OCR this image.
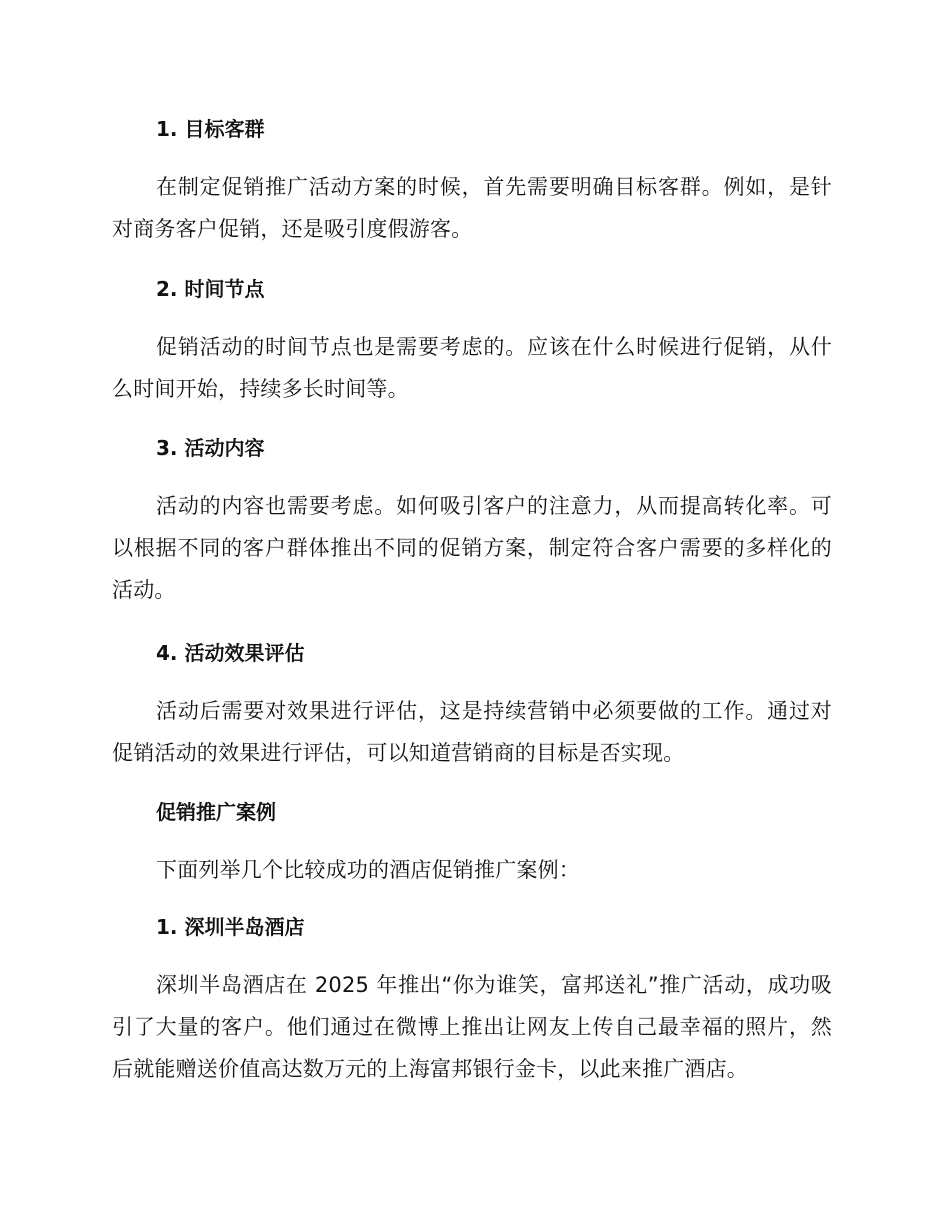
1. 目标客群
在制定促销推广活动方案的时候，首先需要明确目标客群。例如，是针对商务客户促销，还是吸引度假游客。
2. 时间节点
促销活动的时间节点也是需要考虑的。应该在什么时候进行促销，从什么时间开始，持续多长时间等。
3. 活动内容
活动的内容也需要考虑。如何吸引客户的注意力，从而提高转化率。可以根据不同的客户群体推出不同的促销方案，制定符合客户需要的多样化的活动。
4. 活动效果评估
活动后需要对效果进行评估，这是持续营销中必须要做的工作。通过对促销活动的效果进行评估，可以知道营销商的目标是否实现。
促销推广案例
下面列举几个比较成功的酒店促销推广案例：
1. 深圳半岛酒店
深圳半岛酒店在 2025 年推出“你为谁笑，富邦送礼”推广活动，成功吸引了大量的客户。他们通过在微博上推出让网友上传自己最幸福的照片，然后就能赠送价值高达数万元的上海富邦银行金卡，以此来推广酒店。
